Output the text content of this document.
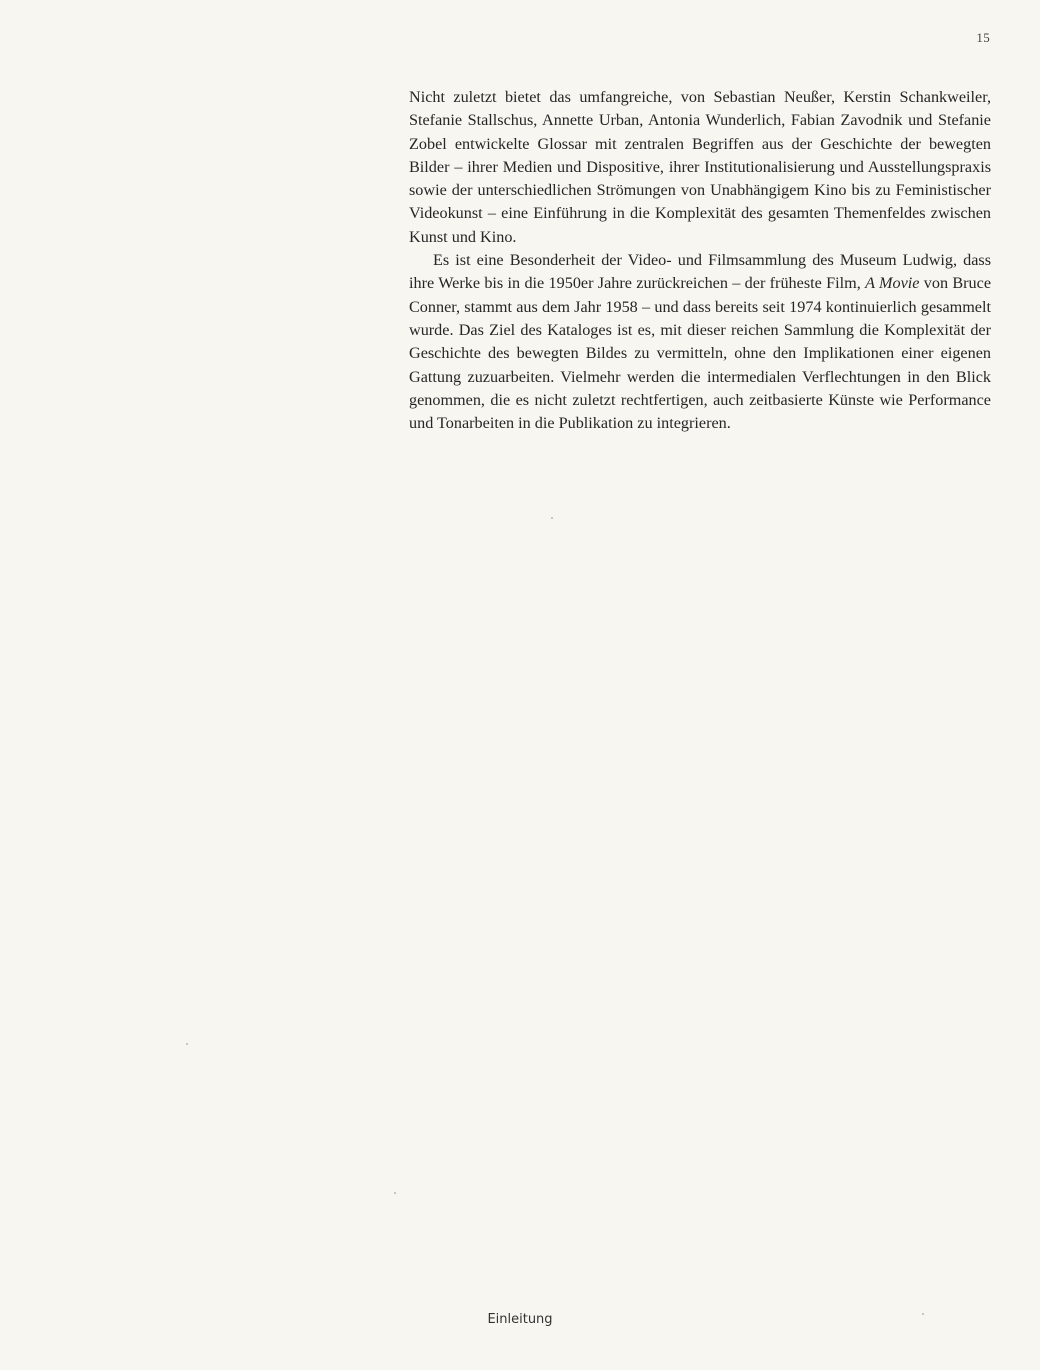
15

Nicht zuletzt bietet das umfangreiche, von Sebastian Neußer, Kerstin Schankweiler, Stefanie Stallschus, Annette Urban, Antonia Wunderlich, Fabian Zavodnik und Stefanie Zobel entwickelte Glossar mit zentralen Begriffen aus der Geschichte der bewegten Bilder – ihrer Medien und Dispositive, ihrer Institutionalisierung und Ausstellungspraxis sowie der unterschiedlichen Strömungen von Unabhängigem Kino bis zu Feministischer Videokunst – eine Einführung in die Komplexität des gesamten Themenfeldes zwischen Kunst und Kino.

Es ist eine Besonderheit der Video- und Filmsammlung des Museum Ludwig, dass ihre Werke bis in die 1950er Jahre zurückreichen – der früheste Film, A Movie von Bruce Conner, stammt aus dem Jahr 1958 – und dass bereits seit 1974 kontinuierlich gesammelt wurde. Das Ziel des Kataloges ist es, mit dieser reichen Sammlung die Komplexität der Geschichte des bewegten Bildes zu vermitteln, ohne den Implikationen einer eigenen Gattung zuzuarbeiten. Vielmehr werden die intermedialen Verflechtungen in den Blick genommen, die es nicht zuletzt rechtfertigen, auch zeitbasierte Künste wie Performance und Tonarbeiten in die Publikation zu integrieren.

Einleitung
